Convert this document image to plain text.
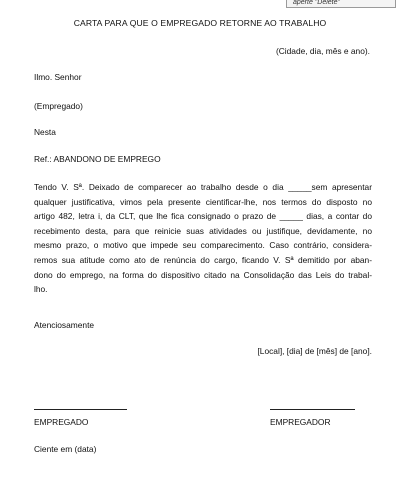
aperte "Delete"
CARTA PARA QUE O EMPREGADO RETORNE AO TRABALHO
(Cidade, dia, mês e ano).
Ilmo. Senhor
(Empregado)
Nesta
Ref.: ABANDONO DE EMPREGO
Tendo V. Sª. Deixado de comparecer ao trabalho desde o dia _____sem apresentar
qualquer justificativa, vimos pela presente cientificar-lhe, nos termos do disposto no
artigo 482, letra i, da CLT, que lhe fica consignado o prazo de _____ dias, a contar do
recebimento desta, para que reinicie suas atividades ou justifique, devidamente, no
mesmo prazo, o motivo que impede seu comparecimento. Caso contrário, considera-
remos sua atitude como ato de renúncia do cargo, ficando V. Sª demitido por aban-
dono do emprego, na forma do dispositivo citado na Consolidação das Leis do trabal-
lho.
Atenciosamente
[Local], [dia] de [mês] de [ano].
EMPREGADO	EMPREGADOR
Ciente em (data)
